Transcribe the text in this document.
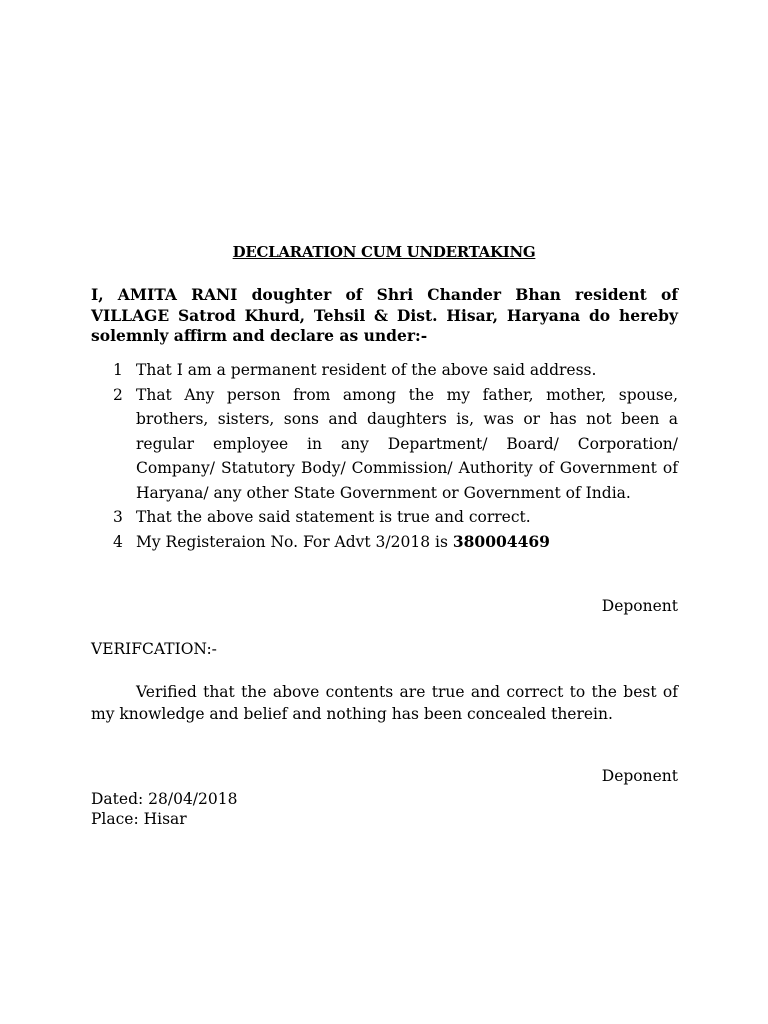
DECLARATION CUM UNDERTAKING
I, AMITA RANI doughter of Shri Chander Bhan resident of VILLAGE Satrod Khurd, Tehsil & Dist. Hisar, Haryana do hereby solemnly affirm and declare as under:-
1 That I am a permanent resident of the above said address.
2 That Any person from among the my father, mother, spouse, brothers, sisters, sons and daughters is, was or has not been a regular employee in any Department/ Board/ Corporation/ Company/ Statutory Body/ Commission/ Authority of Government of Haryana/ any other State Government or Government of India.
3 That the above said statement is true and correct.
4 My Registeraion No. For Advt 3/2018 is 380004469
Deponent
VERIFCATION:-
Verified that the above contents are true and correct to the best of my knowledge and belief and nothing has been concealed therein.
Deponent
Dated: 28/04/2018
Place: Hisar
